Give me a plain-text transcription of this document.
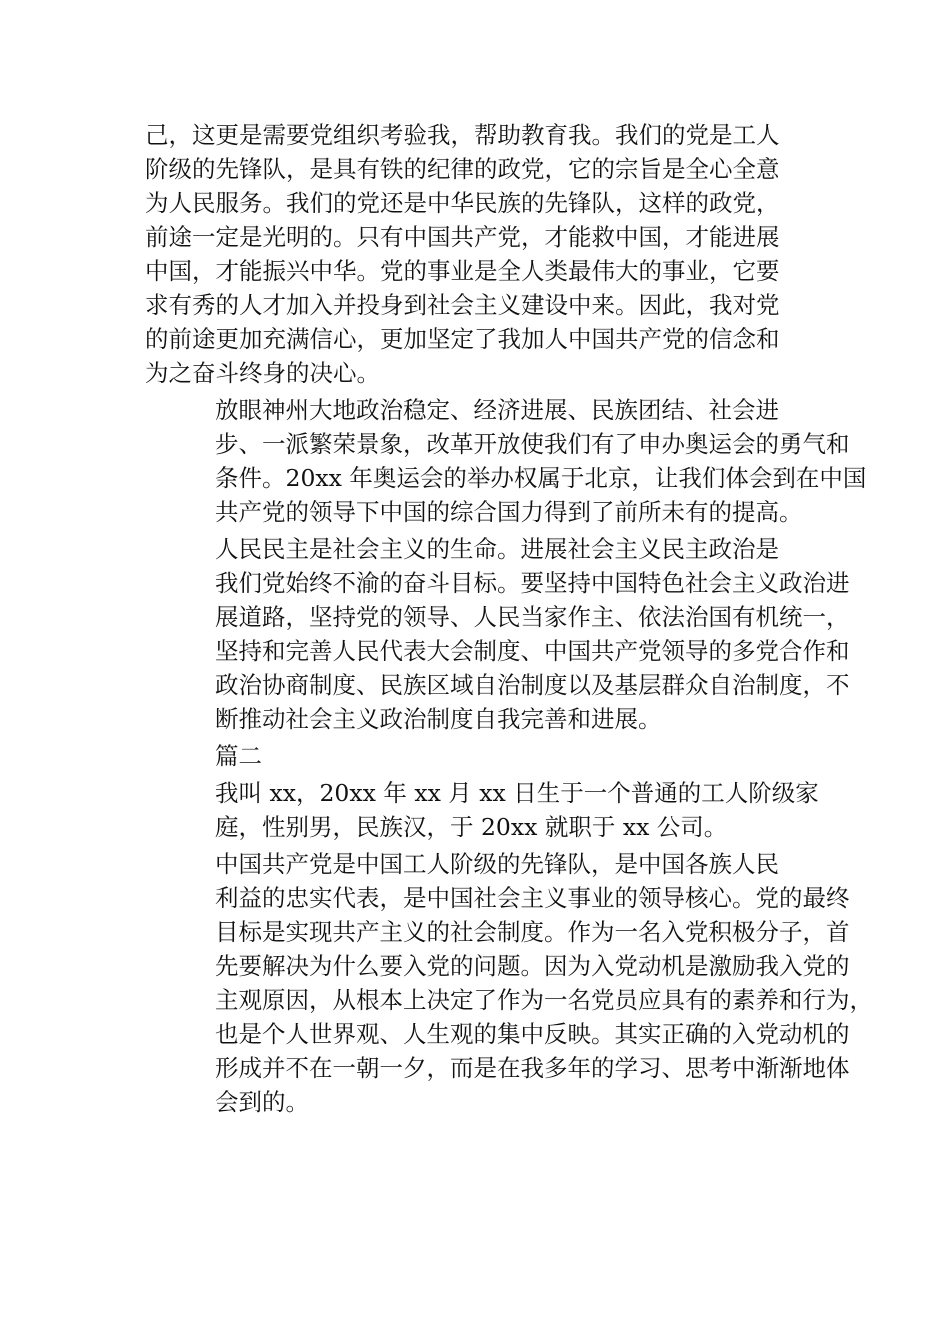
己，这更是需要党组织考验我，帮助教育我。我们的党是工人
阶级的先锋队，是具有铁的纪律的政党，它的宗旨是全心全意
为人民服务。我们的党还是中华民族的先锋队，这样的政党，
前途一定是光明的。只有中国共产党，才能救中国，才能进展
中国，才能振兴中华。党的事业是全人类最伟大的事业，它要
求有秀的人才加入并投身到社会主义建设中来。因此，我对党
的前途更加充满信心，更加坚定了我加人中国共产党的信念和
为之奋斗终身的决心。

放眼神州大地政治稳定、经济进展、民族团结、社会进
步、一派繁荣景象，改革开放使我们有了申办奥运会的勇气和
条件。20xx 年奥运会的举办权属于北京，让我们体会到在中国
共产党的领导下中国的综合国力得到了前所未有的提高。

人民民主是社会主义的生命。进展社会主义民主政治是
我们党始终不渝的奋斗目标。要坚持中国特色社会主义政治进
展道路，坚持党的领导、人民当家作主、依法治国有机统一，
坚持和完善人民代表大会制度、中国共产党领导的多党合作和
政治协商制度、民族区域自治制度以及基层群众自治制度，不
断推动社会主义政治制度自我完善和进展。

篇二

我叫 xx，20xx 年 xx 月 xx 日生于一个普通的工人阶级家
庭，性别男，民族汉，于 20xx 就职于 xx 公司。

中国共产党是中国工人阶级的先锋队，是中国各族人民
利益的忠实代表，是中国社会主义事业的领导核心。党的最终
目标是实现共产主义的社会制度。作为一名入党积极分子，首
先要解决为什么要入党的问题。因为入党动机是激励我入党的
主观原因，从根本上决定了作为一名党员应具有的素养和行为，
也是个人世界观、人生观的集中反映。其实正确的入党动机的
形成并不在一朝一夕，而是在我多年的学习、思考中渐渐地体
会到的。
